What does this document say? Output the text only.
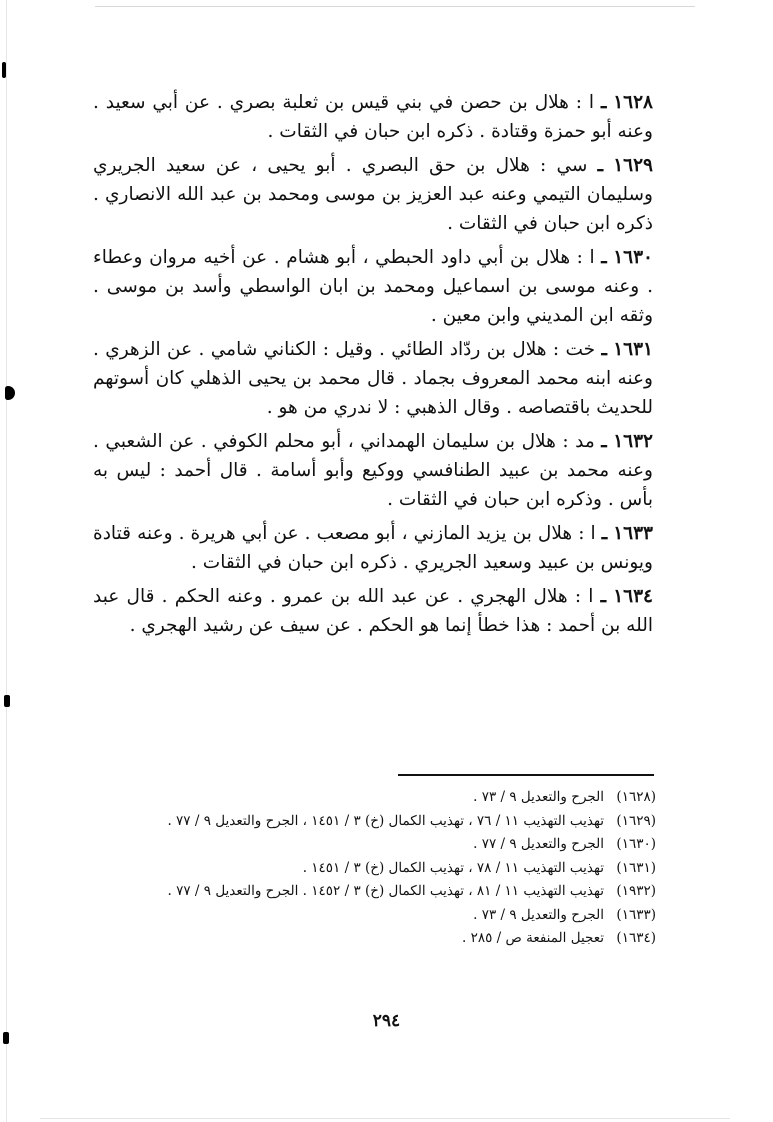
١٦٢٨ ـ ا : هلال بن حصن في بني قيس بن ثعلبة بصري . عن أبي سعيد . وعنه أبو حمزة وقتادة . ذكره ابن حبان في الثقات .

١٦٢٩ ـ سي : هلال بن حق البصري . أبو يحيى ، عن سعيد الجريري وسليمان التيمي وعنه عبد العزيز بن موسى ومحمد بن عبد الله الانصاري . ذكره ابن حبان في الثقات .

١٦٣٠ ـ ا : هلال بن أبي داود الحبطي ، أبو هشام . عن أخيه مروان وعطاء . وعنه موسى بن اسماعيل ومحمد بن ابان الواسطي وأسد بن موسى . وثقه ابن المديني وابن معين .

١٦٣١ ـ خت : هلال بن ردّاد الطائي . وقيل : الكناني شامي . عن الزهري . وعنه ابنه محمد المعروف بجماد . قال محمد بن يحيى الذهلي كان أسوتهم للحديث باقتصاصه . وقال الذهبي : لا ندري من هو .

١٦٣٢ ـ مد : هلال بن سليمان الهمداني ، أبو محلم الكوفي . عن الشعبي . وعنه محمد بن عبيد الطنافسي ووكيع وأبو أسامة . قال أحمد : ليس به بأس . وذكره ابن حبان في الثقات .

١٦٣٣ ـ ا : هلال بن يزيد المازني ، أبو مصعب . عن أبي هريرة . وعنه قتادة ويونس بن عبيد وسعيد الجريري . ذكره ابن حبان في الثقات .

١٦٣٤ ـ ا : هلال الهجري . عن عبد الله بن عمرو . وعنه الحكم . قال عبد الله بن أحمد : هذا خطأ إنما هو الحكم . عن سيف عن رشيد الهجري .

(١٦٢٨)
الجرح والتعديل ٩ / ٧٣ .
(١٦٢٩)
تهذيب التهذيب ١١ / ٧٦ ، تهذيب الكمال (خ) ٣ / ١٤٥١ ، الجرح والتعديل ٩ / ٧٧ .
(١٦٣٠)
الجرح والتعديل ٩ / ٧٧ .
(١٦٣١)
تهذيب التهذيب ١١ / ٧٨ ، تهذيب الكمال (خ) ٣ / ١٤٥١ .
(١٩٣٢)
تهذيب التهذيب ١١ / ٨١ ، تهذيب الكمال (خ) ٣ / ١٤٥٢ . الجرح والتعديل ٩ / ٧٧ .
(١٦٣٣)
الجرح والتعديل ٩ / ٧٣ .
(١٦٣٤)
تعجيل المنفعة ص / ٢٨٥ .
٢٩٤
